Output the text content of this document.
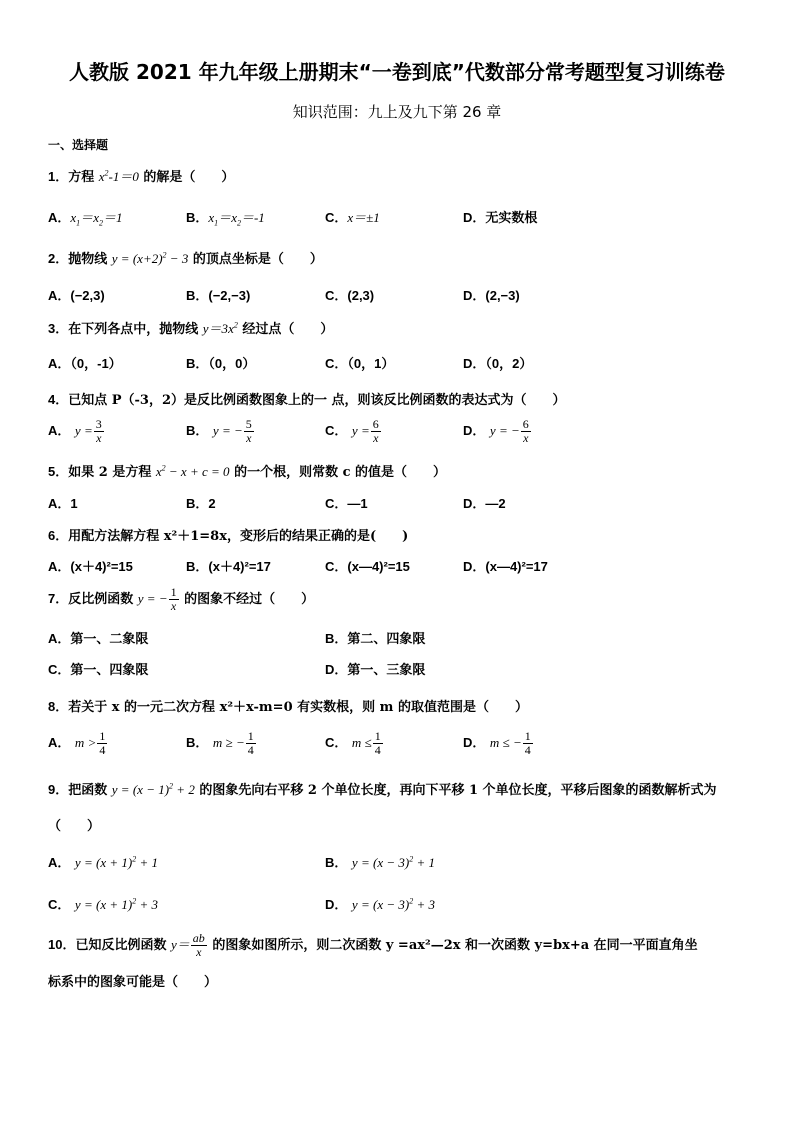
人教版 2021 年九年级上册期末“一卷到底”代数部分常考题型复习训练卷
知识范围：九上及九下第 26 章
一、选择题
1．方程 $x^2-1=0$ 的解是（　　）
A．$x_1=x_2=1$	B．$x_1=x_2=-1$	C．x＝±1	D．无实数根
2．抛物线 $y = (x+2)^2 - 3$ 的顶点坐标是（　　）
A．(−2,3)	B．(−2,−3)	C．(2,3)	D．(2,−3)
3．在下列各点中，抛物线 $y=3x^2$ 经过点（　　）
A．（0，-1）	B．（0，0）	C．（0，1）	D．（0，2）
4．已知点 P（-3，2）是反比例函数图象上的一 点，则该反比例函数的表达式为（　　）
A． $y = \frac{3}{x}$	B． y = − $\frac{5}{x}$	C． $y = \frac{6}{x}$	D． y = − $\frac{6}{x}$
5．如果 2 是方程 $x^2 - x + c = 0$ 的一个根，则常数 c 的值是（　　）
A．1	B．2	C．—1	D．—2
6．用配方法解方程 x²＋1=8x，变形后的结果正确的是(　　)
A．(x＋4)²=15	B．(x＋4)²=17	C．(x—4)²=15	D．(x—4)²=17
7．反比例函数 y = − $\frac{1}{x}$ 的图象不经过（　　）
A．第一、二象限	B．第二、四象限
C．第一、四象限	D．第一、三象限
8．若关于 x 的一元二次方程 x²＋x-m=0 有实数根，则 m 的取值范围是（　　）
A． $m > \frac{1}{4}$	B． m ≥ − $\frac{1}{4}$	C． $m \le \frac{1}{4}$	D． m ≤ − $\frac{1}{4}$
9．把函数 $y = (x - 1)^2 + 2$ 的图象先向右平移 2 个单位长度，再向下平移 1 个单位长度，平移后图象的函数解析式为
（　　）
A． $y = (x + 1)^2 + 1$	B． $y = (x - 3)^2 + 1$
C． $y = (x + 1)^2 + 3$	D． $y = (x - 3)^2 + 3$
10．已知反比例函数 $y= \frac{ab}{x}$ 的图象如图所示，则二次函数 y =ax²—2x 和一次函数 y=bx+a 在同一平面直角坐
标系中的图象可能是（　　）
